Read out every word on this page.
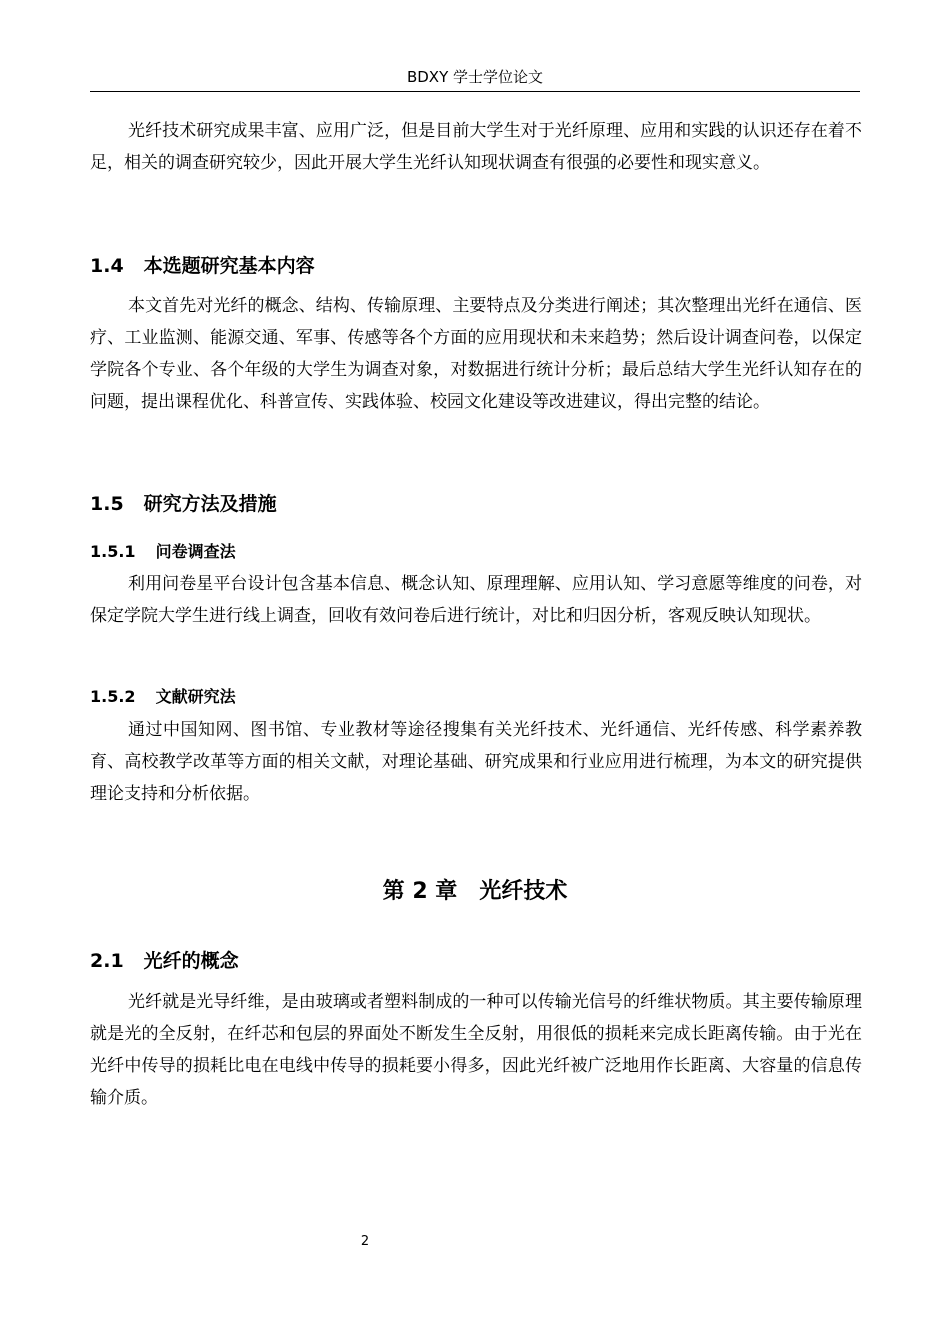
BDXY 学士学位论文

光纤技术研究成果丰富、应用广泛，但是目前大学生对于光纤原理、应用和实践的认识还存在着不足，相关的调查研究较少，因此开展大学生光纤认知现状调查有很强的必要性和现实意义。

1.4 本选题研究基本内容

本文首先对光纤的概念、结构、传输原理、主要特点及分类进行阐述；其次整理出光纤在通信、医疗、工业监测、能源交通、军事、传感等各个方面的应用现状和未来趋势；然后设计调查问卷，以保定学院各个专业、各个年级的大学生为调查对象，对数据进行统计分析；最后总结大学生光纤认知存在的问题，提出课程优化、科普宣传、实践体验、校园文化建设等改进建议，得出完整的结论。

1.5 研究方法及措施
1.5.1 问卷调查法

利用问卷星平台设计包含基本信息、概念认知、原理理解、应用认知、学习意愿等维度的问卷，对保定学院大学生进行线上调查，回收有效问卷后进行统计，对比和归因分析，客观反映认知现状。

1.5.2 文献研究法

通过中国知网、图书馆、专业教材等途径搜集有关光纤技术、光纤通信、光纤传感、科学素养教育、高校教学改革等方面的相关文献，对理论基础、研究成果和行业应用进行梳理，为本文的研究提供理论支持和分析依据。

第 2 章 光纤技术
2.1 光纤的概念

光纤就是光导纤维，是由玻璃或者塑料制成的一种可以传输光信号的纤维状物质。其主要传输原理就是光的全反射，在纤芯和包层的界面处不断发生全反射，用很低的损耗来完成长距离传输。由于光在光纤中传导的损耗比电在电线中传导的损耗要小得多，因此光纤被广泛地用作长距离、大容量的信息传输介质。

2
